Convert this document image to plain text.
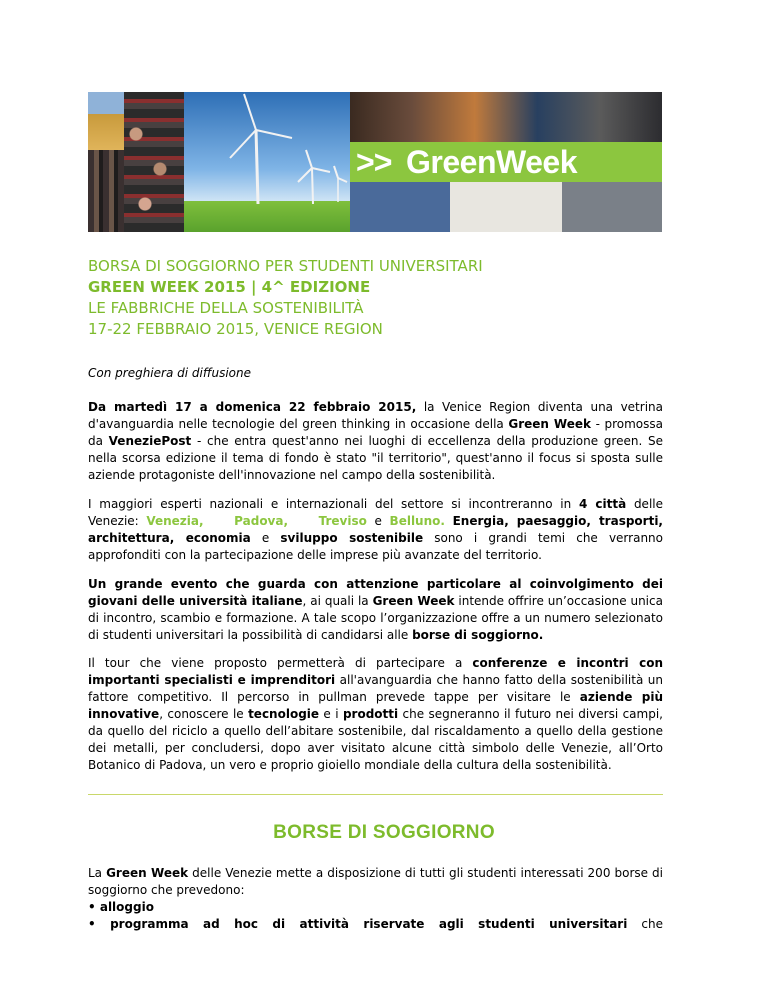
>> GreenWeek
BORSA DI SOGGIORNO PER STUDENTI UNIVERSITARI
GREEN WEEK 2015 | 4^ EDIZIONE
LE FABBRICHE DELLA SOSTENIBILITÀ
17-22 FEBBRAIO 2015, VENICE REGION
Con preghiera di diffusione

Da martedì 17 a domenica 22 febbraio 2015, la Venice Region diventa una vetrina d'avanguardia nelle tecnologie del green thinking in occasione della Green Week - promossa da VeneziePost - che entra quest'anno nei luoghi di eccellenza della produzione green. Se nella scorsa edizione il tema di fondo è stato "il territorio", quest'anno il focus si sposta sulle aziende protagoniste dell'innovazione nel campo della sostenibilità.

I maggiori esperti nazionali e internazionali del settore si incontreranno in 4 città delle Venezie: Venezia,	Padova,	Treviso e Belluno. Energia, paesaggio, trasporti, architettura, economia e sviluppo sostenibile sono i grandi temi che verranno approfonditi con la partecipazione delle imprese più avanzate del territorio.

Un grande evento che guarda con attenzione particolare al coinvolgimento dei giovani delle università italiane, ai quali la Green Week intende offrire un’occasione unica di incontro, scambio e formazione. A tale scopo l’organizzazione offre a un numero selezionato di studenti universitari la possibilità di candidarsi alle borse di soggiorno.

Il tour che viene proposto permetterà di partecipare a conferenze e incontri con importanti specialisti e imprenditori all'avanguardia che hanno fatto della sostenibilità un fattore competitivo. Il percorso in pullman prevede tappe per visitare le aziende più innovative, conoscere le tecnologie e i prodotti che segneranno il futuro nei diversi campi, da quello del riciclo a quello dell’abitare sostenibile, dal riscaldamento a quello della gestione dei metalli, per concludersi, dopo aver visitato alcune città simbolo delle Venezie, all’Orto Botanico di Padova, un vero e proprio gioiello mondiale della cultura della sostenibilità.

BORSE DI SOGGIORNO

La Green Week delle Venezie mette a disposizione di tutti gli studenti interessati 200 borse di soggiorno che prevedono:

• alloggio

• programma ad hoc di attività riservate agli studenti universitari che
